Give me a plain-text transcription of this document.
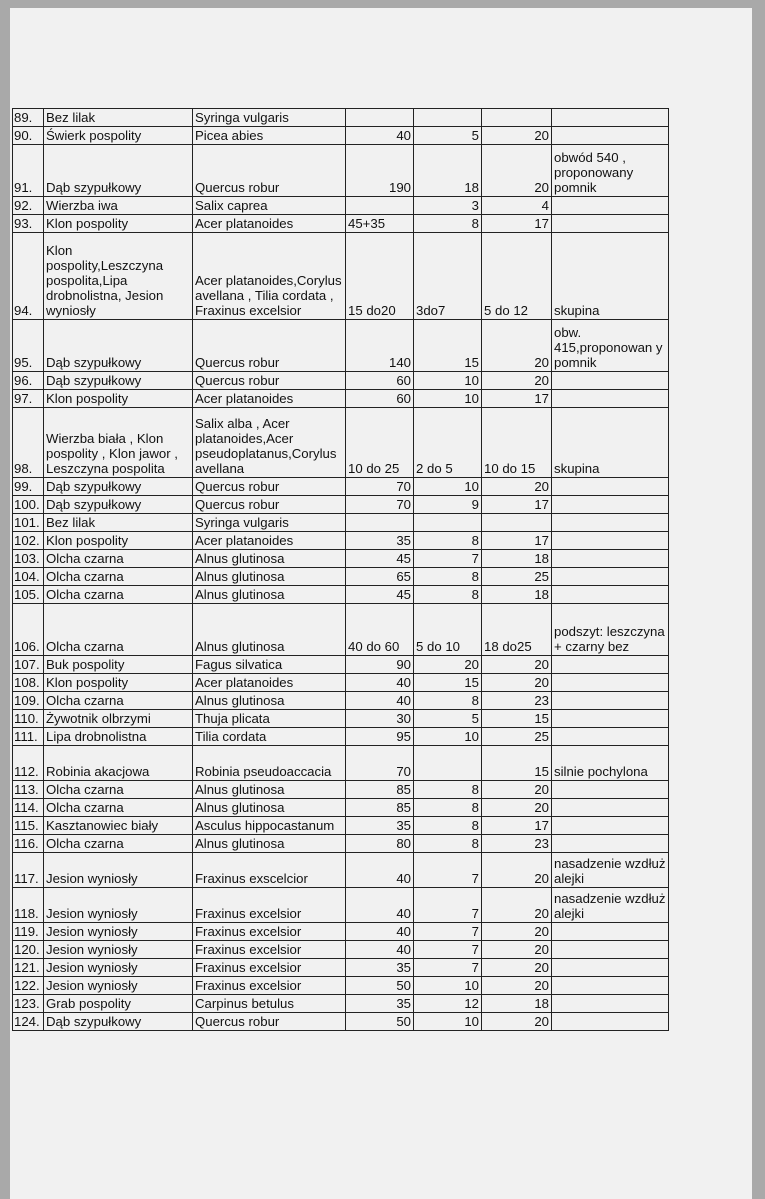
89.	Bez lilak	Syringa vulgaris				
90.	Świerk pospolity	Picea abies	40	5	20	
91.	Dąb szypułkowy	Quercus robur	190	18	20	obwód 540 , proponowany pomnik
92.	Wierzba iwa	Salix caprea		3	4	
93.	Klon pospolity	Acer platanoides	45+35	8	17	
94.	Klon pospolity,Leszczyna pospolita,Lipa drobnolistna, Jesion wyniosły	Acer platanoides,Corylus avellana , Tilia cordata , Fraxinus excelsior	15 do20	3do7	5 do 12	skupina
95.	Dąb szypułkowy	Quercus robur	140	15	20	obw. 415,proponowan y pomnik
96.	Dąb szypułkowy	Quercus robur	60	10	20	
97.	Klon pospolity	Acer platanoides	60	10	17	
98.	Wierzba biała , Klon pospolity , Klon jawor , Leszczyna pospolita	Salix alba , Acer platanoides,Acer pseudoplatanus,Corylus avellana	10 do 25	2 do 5	10 do 15	skupina
99.	Dąb szypułkowy	Quercus robur	70	10	20	
100.	Dąb szypułkowy	Quercus robur	70	9	17	
101.	Bez lilak	Syringa vulgaris				
102.	Klon pospolity	Acer platanoides	35	8	17	
103.	Olcha czarna	Alnus glutinosa	45	7	18	
104.	Olcha czarna	Alnus glutinosa	65	8	25	
105.	Olcha czarna	Alnus glutinosa	45	8	18	
106.	Olcha czarna	Alnus glutinosa	40 do 60	5 do 10	18 do25	podszyt: leszczyna + czarny bez
107.	Buk pospolity	Fagus silvatica	90	20	20	
108.	Klon pospolity	Acer platanoides	40	15	20	
109.	Olcha czarna	Alnus glutinosa	40	8	23	
110.	Żywotnik olbrzymi	Thuja plicata	30	5	15	
111.	Lipa drobnolistna	Tilia cordata	95	10	25	
112.	Robinia akacjowa	Robinia pseudoaccacia	70		15	silnie pochylona
113.	Olcha czarna	Alnus glutinosa	85	8	20	
114.	Olcha czarna	Alnus glutinosa	85	8	20	
115.	Kasztanowiec biały	Asculus hippocastanum	35	8	17	
116.	Olcha czarna	Alnus glutinosa	80	8	23	
117.	Jesion wyniosły	Fraxinus exscelcior	40	7	20	nasadzenie wzdłuż alejki
118.	Jesion wyniosły	Fraxinus excelsior	40	7	20	nasadzenie wzdłuż alejki
119.	Jesion wyniosły	Fraxinus excelsior	40	7	20	
120.	Jesion wyniosły	Fraxinus excelsior	40	7	20	
121.	Jesion wyniosły	Fraxinus excelsior	35	7	20	
122.	Jesion wyniosły	Fraxinus excelsior	50	10	20	
123.	Grab pospolity	Carpinus betulus	35	12	18	
124.	Dąb szypułkowy	Quercus robur	50	10	20	
